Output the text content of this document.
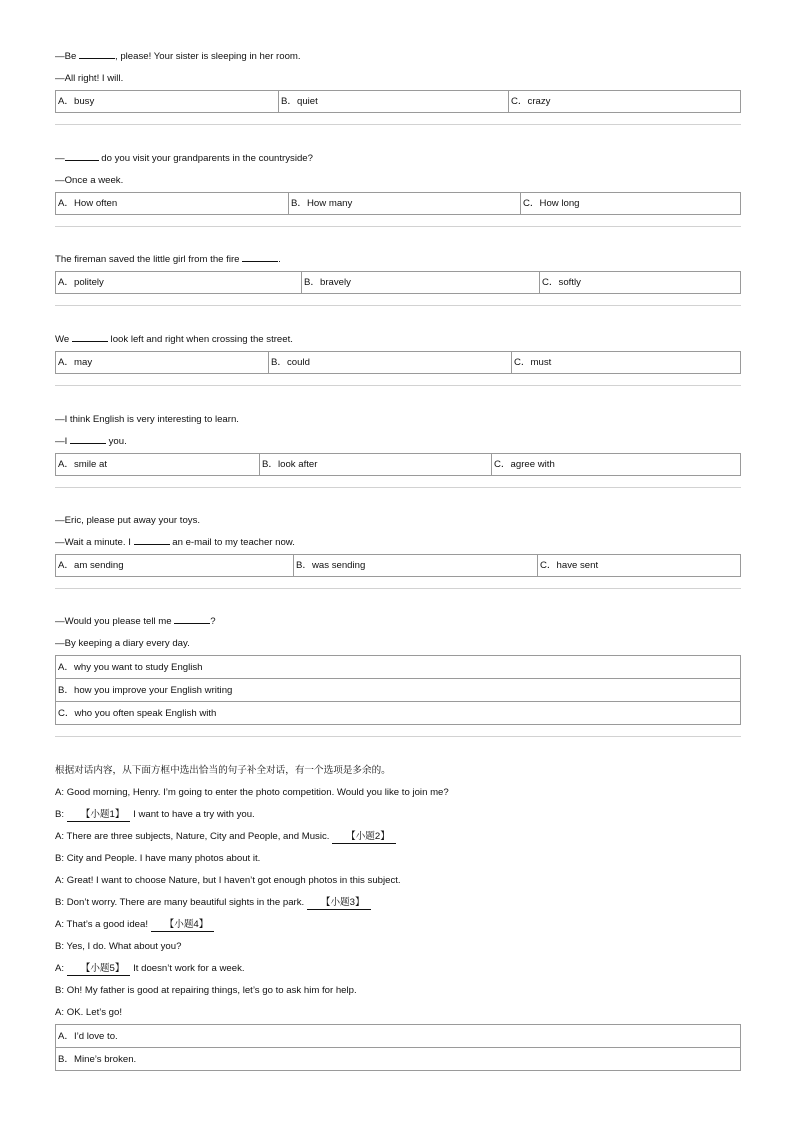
—Be	, please! Your sister is sleeping in her room.
—All right! I will.
A．busy	B．quiet	C．crazy
—	do you visit your grandparents in the countryside?
—Once a week.
A．How often	B．How many	C．How long
The fireman saved the little girl from the fire	.
A．politely	B．bravely	C．softly
We	look left and right when crossing the street.
A．may	B．could	C．must
—I think English is very interesting to learn.
—I	you.
A．smile at	B．look after	C．agree with
—Eric, please put away your toys.
—Wait a minute. I	an e-mail to my teacher now.
A．am sending	B．was sending	C．have sent
—Would you please tell me	?
—By keeping a diary every day.
A．why you want to study English
B．how you improve your English writing
C．who you often speak English with
根据对话内容，从下面方框中选出恰当的句子补全对话，有一个选项是多余的。
A: Good morning, Henry. I’m going to enter the photo competition. Would you like to join me?
B: 【小题1】 I want to have a try with you.
A: There are three subjects, Nature, City and People, and Music. 【小题2】
B: City and People. I have many photos about it.
A: Great! I want to choose Nature, but I haven’t got enough photos in this subject.
B: Don’t worry. There are many beautiful sights in the park. 【小题3】
A: That’s a good idea! 【小题4】
B: Yes, I do. What about you?
A: 【小题5】 It doesn’t work for a week.
B: Oh! My father is good at repairing things, let’s go to ask him for help.
A: OK. Let’s go!
A．I’d love to.
B．Mine’s broken.
